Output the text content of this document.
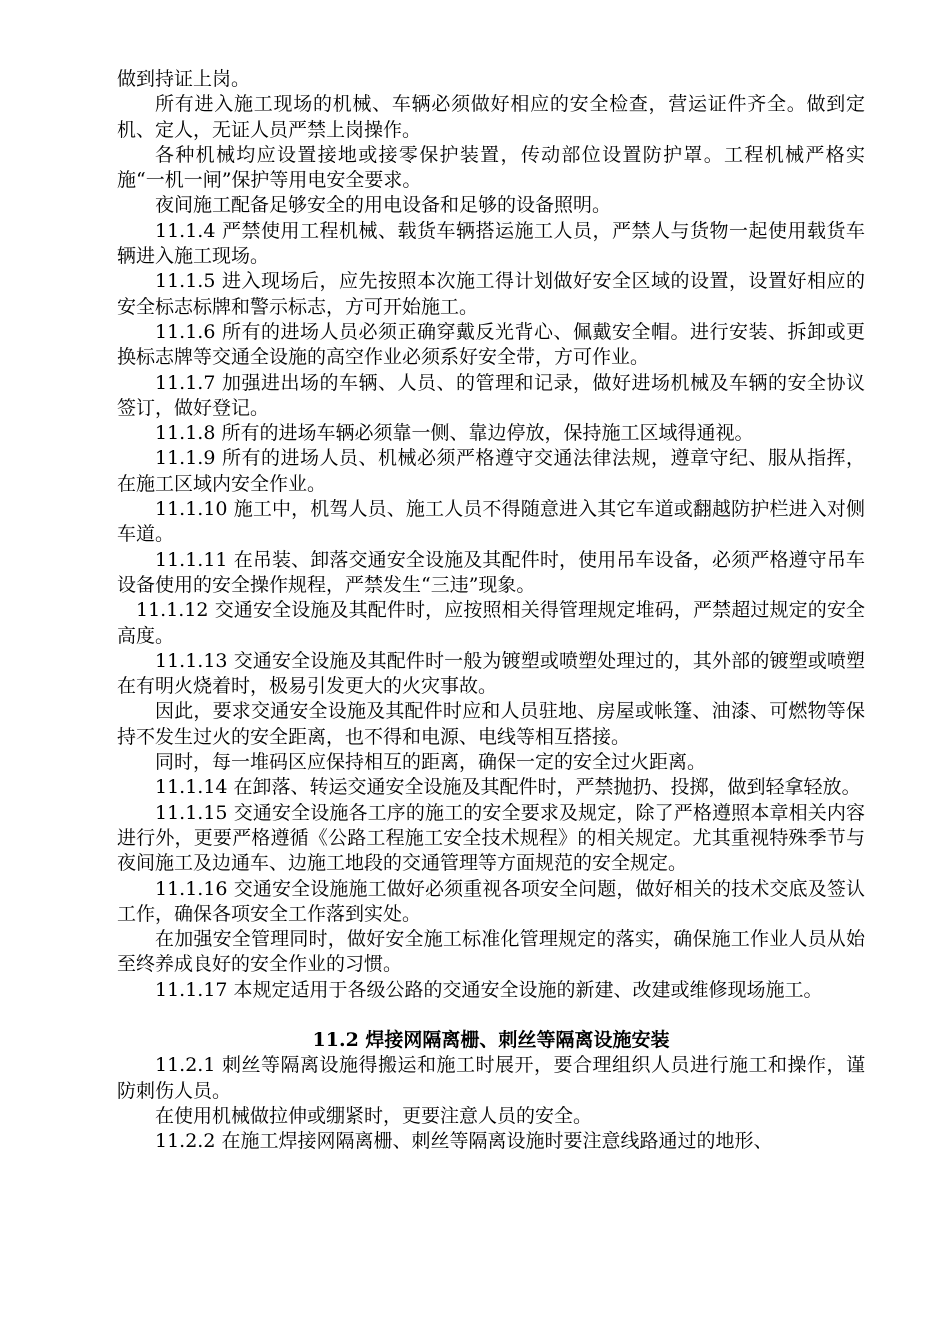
做到持证上岗。

所有进入施工现场的机械、车辆必须做好相应的安全检查，营运证件齐全。做到定机、定人，无证人员严禁上岗操作。

各种机械均应设置接地或接零保护装置，传动部位设置防护罩。工程机械严格实施“一机一闸”保护等用电安全要求。

夜间施工配备足够安全的用电设备和足够的设备照明。

11.1.4 严禁使用工程机械、载货车辆搭运施工人员，严禁人与货物一起使用载货车辆进入施工现场。

11.1.5 进入现场后，应先按照本次施工得计划做好安全区域的设置，设置好相应的安全标志标牌和警示标志，方可开始施工。

11.1.6 所有的进场人员必须正确穿戴反光背心、佩戴安全帽。进行安装、拆卸或更换标志牌等交通全设施的高空作业必须系好安全带，方可作业。

11.1.7 加强进出场的车辆、人员、的管理和记录，做好进场机械及车辆的安全协议签订，做好登记。

11.1.8 所有的进场车辆必须靠一侧、靠边停放，保持施工区域得通视。

11.1.9 所有的进场人员、机械必须严格遵守交通法律法规，遵章守纪、服从指挥，在施工区域内安全作业。

11.1.10 施工中，机驾人员、施工人员不得随意进入其它车道或翻越防护栏进入对侧车道。

11.1.11 在吊装、卸落交通安全设施及其配件时，使用吊车设备，必须严格遵守吊车设备使用的安全操作规程，严禁发生“三违”现象。

11.1.12 交通安全设施及其配件时，应按照相关得管理规定堆码，严禁超过规定的安全高度。

11.1.13 交通安全设施及其配件时一般为镀塑或喷塑处理过的，其外部的镀塑或喷塑在有明火烧着时，极易引发更大的火灾事故。

因此，要求交通安全设施及其配件时应和人员驻地、房屋或帐篷、油漆、可燃物等保持不发生过火的安全距离，也不得和电源、电线等相互搭接。

同时，每一堆码区应保持相互的距离，确保一定的安全过火距离。

11.1.14 在卸落、转运交通安全设施及其配件时，严禁抛扔、投掷，做到轻拿轻放。

11.1.15 交通安全设施各工序的施工的安全要求及规定，除了严格遵照本章相关内容进行外，更要严格遵循《公路工程施工安全技术规程》的相关规定。尤其重视特殊季节与夜间施工及边通车、边施工地段的交通管理等方面规范的安全规定。

11.1.16 交通安全设施施工做好必须重视各项安全问题，做好相关的技术交底及签认工作，确保各项安全工作落到实处。

在加强安全管理同时，做好安全施工标准化管理规定的落实，确保施工作业人员从始至终养成良好的安全作业的习惯。

11.1.17 本规定适用于各级公路的交通安全设施的新建、改建或维修现场施工。

11.2 焊接网隔离栅、刺丝等隔离设施安装

11.2.1 刺丝等隔离设施得搬运和施工时展开，要合理组织人员进行施工和操作，谨防刺伤人员。

在使用机械做拉伸或绷紧时，更要注意人员的安全。

11.2.2 在施工焊接网隔离栅、刺丝等隔离设施时要注意线路通过的地形、
